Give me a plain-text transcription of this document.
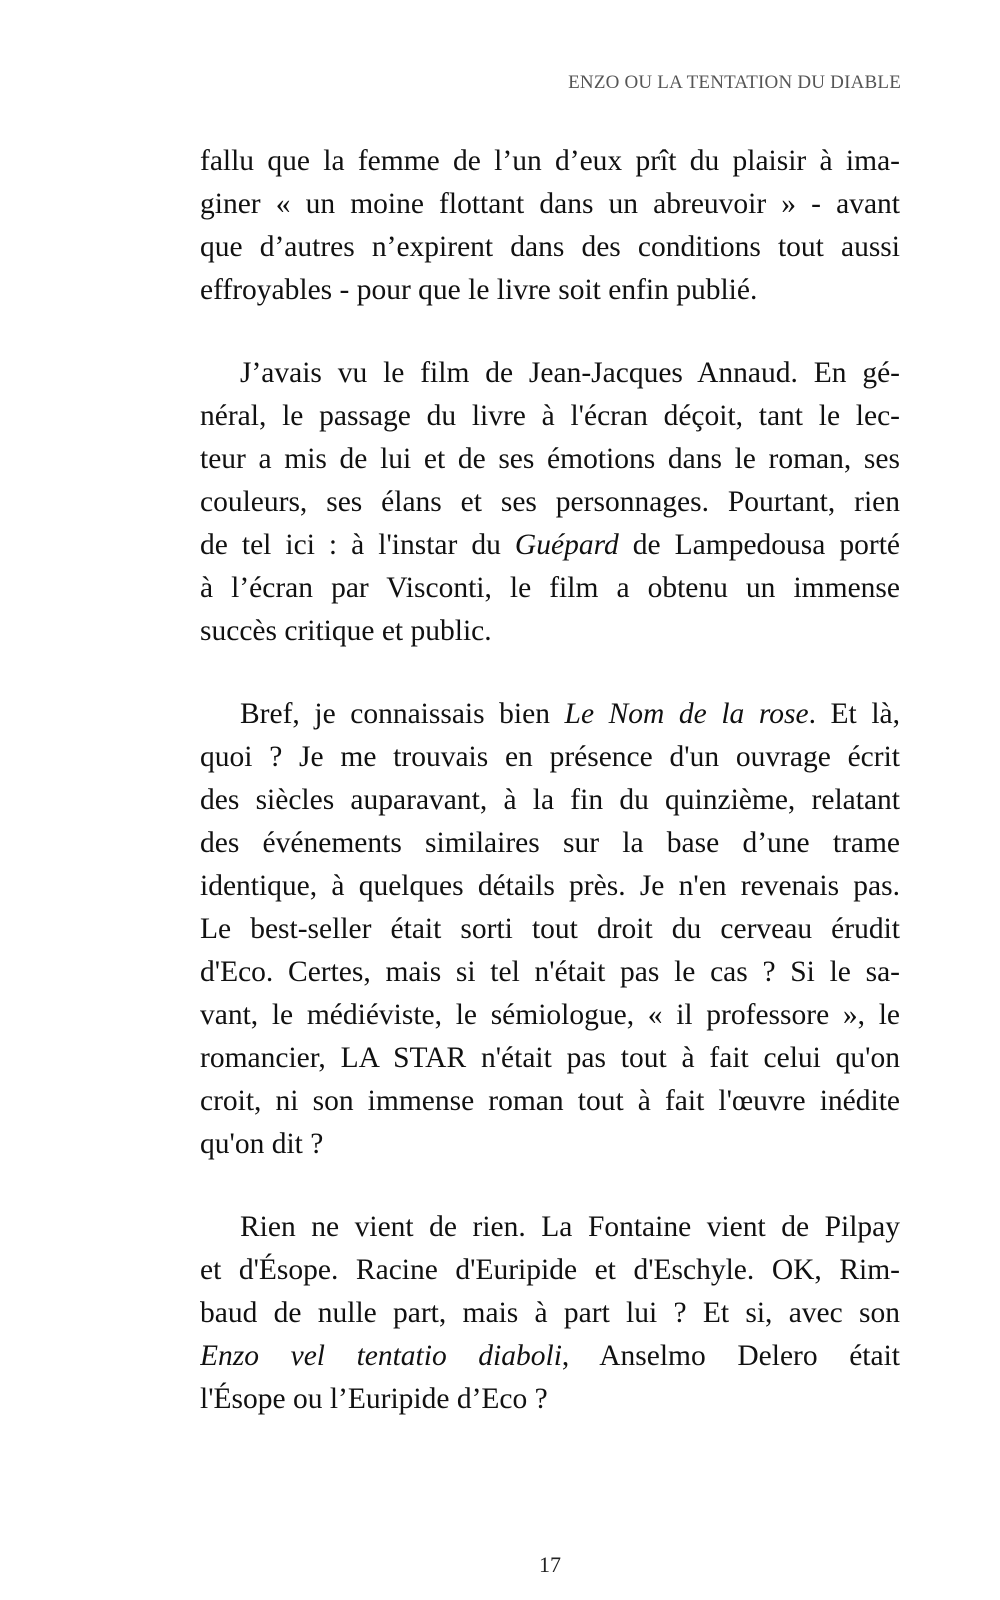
ENZO OU LA TENTATION DU DIABLE
fallu que la femme de l’un d’eux prît du plaisir à ima-
giner « un moine flottant dans un abreuvoir » - avant
que d’autres n’expirent dans des conditions tout aussi
effroyables - pour que le livre soit enfin publié.
J’avais vu le film de Jean-Jacques Annaud. En gé-
néral, le passage du livre à l'écran déçoit, tant le lec-
teur a mis de lui et de ses émotions dans le roman, ses
couleurs, ses élans et ses personnages. Pourtant, rien
de tel ici : à l'instar du Guépard de Lampedousa porté
à l’écran par Visconti, le film a obtenu un immense
succès critique et public.
Bref, je connaissais bien Le Nom de la rose. Et là,
quoi ? Je me trouvais en présence d'un ouvrage écrit
des siècles auparavant, à la fin du quinzième, relatant
des événements similaires sur la base d’une trame
identique, à quelques détails près. Je n'en revenais pas.
Le best-seller était sorti tout droit du cerveau érudit
d'Eco. Certes, mais si tel n'était pas le cas ? Si le sa-
vant, le médiéviste, le sémiologue, « il professore », le
romancier, LA STAR n'était pas tout à fait celui qu'on
croit, ni son immense roman tout à fait l'œuvre inédite
qu'on dit ?
Rien ne vient de rien. La Fontaine vient de Pilpay
et d'Ésope. Racine d'Euripide et d'Eschyle. OK, Rim-
baud de nulle part, mais à part lui ? Et si, avec son
Enzo vel tentatio diaboli, Anselmo Delero était
l'Ésope ou l’Euripide d’Eco ?
17
